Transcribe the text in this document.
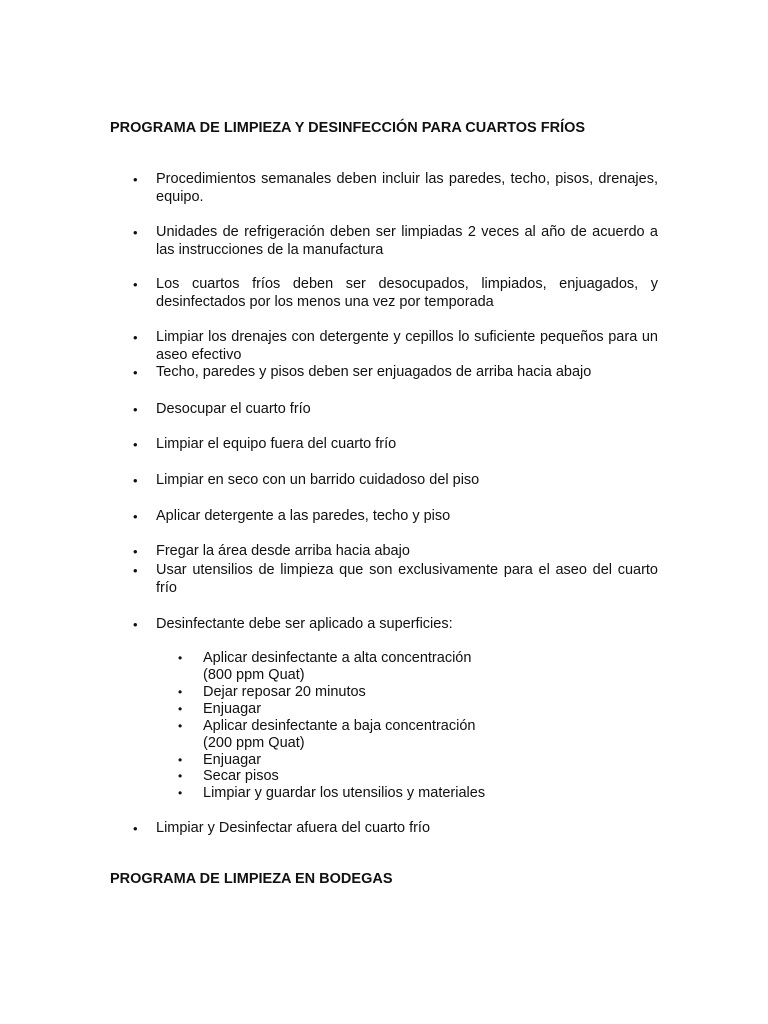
PROGRAMA DE LIMPIEZA Y DESINFECCIÓN PARA CUARTOS FRÍOS
• Procedimientos semanales deben incluir las paredes, techo, pisos, drenajes, equipo.
• Unidades de refrigeración deben ser limpiadas 2 veces al año de acuerdo a las instrucciones de la manufactura
• Los cuartos fríos deben ser desocupados, limpiados, enjuagados, y desinfectados por los menos una vez por temporada
• Limpiar los drenajes con detergente y cepillos lo suficiente pequeños para un aseo efectivo
• Techo, paredes y pisos deben ser enjuagados de arriba hacia abajo
• Desocupar el cuarto frío
• Limpiar el equipo fuera del cuarto frío
• Limpiar en seco con un barrido cuidadoso del piso
• Aplicar detergente a las paredes, techo y piso
• Fregar la área desde arriba hacia abajo
• Usar utensilios de limpieza que son exclusivamente para el aseo del cuarto frío
• Desinfectante debe ser aplicado a superficies:
• Aplicar desinfectante a alta concentración (800 ppm Quat)
• Dejar reposar 20 minutos
• Enjuagar
• Aplicar desinfectante a baja concentración (200 ppm Quat)
• Enjuagar
• Secar pisos
• Limpiar y guardar los utensilios y materiales
• Limpiar y Desinfectar afuera del cuarto frío
PROGRAMA DE LIMPIEZA EN BODEGAS
